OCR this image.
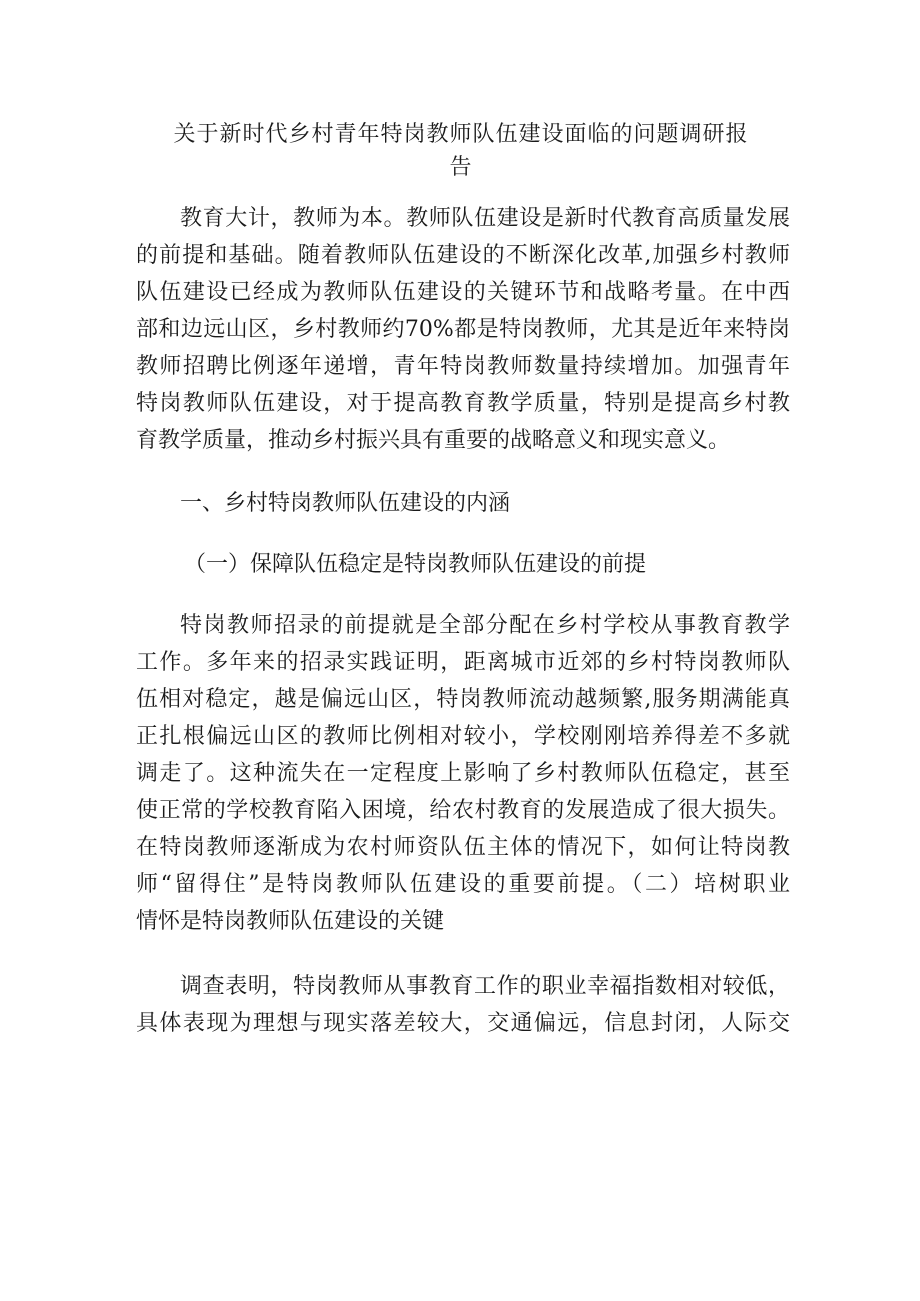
关于新时代乡村青年特岗教师队伍建设面临的问题调研报
告
教育大计，教师为本。教师队伍建设是新时代教育高质量发展
的前提和基础。随着教师队伍建设的不断深化改革,加强乡村教师
队伍建设已经成为教师队伍建设的关键环节和战略考量。在中西
部和边远山区，乡村教师约70%都是特岗教师，尤其是近年来特岗
教师招聘比例逐年递增，青年特岗教师数量持续增加。加强青年
特岗教师队伍建设，对于提高教育教学质量，特别是提高乡村教
育教学质量，推动乡村振兴具有重要的战略意义和现实意义。
一、乡村特岗教师队伍建设的内涵
（一）保障队伍稳定是特岗教师队伍建设的前提
特岗教师招录的前提就是全部分配在乡村学校从事教育教学
工作。多年来的招录实践证明，距离城市近郊的乡村特岗教师队
伍相对稳定，越是偏远山区，特岗教师流动越频繁,服务期满能真
正扎根偏远山区的教师比例相对较小，学校刚刚培养得差不多就
调走了。这种流失在一定程度上影响了乡村教师队伍稳定，甚至
使正常的学校教育陷入困境，给农村教育的发展造成了很大损失。
在特岗教师逐渐成为农村师资队伍主体的情况下，如何让特岗教
师“留得住”是特岗教师队伍建设的重要前提。（二）培树职业
情怀是特岗教师队伍建设的关键
调查表明，特岗教师从事教育工作的职业幸福指数相对较低，
具体表现为理想与现实落差较大，交通偏远，信息封闭，人际交
